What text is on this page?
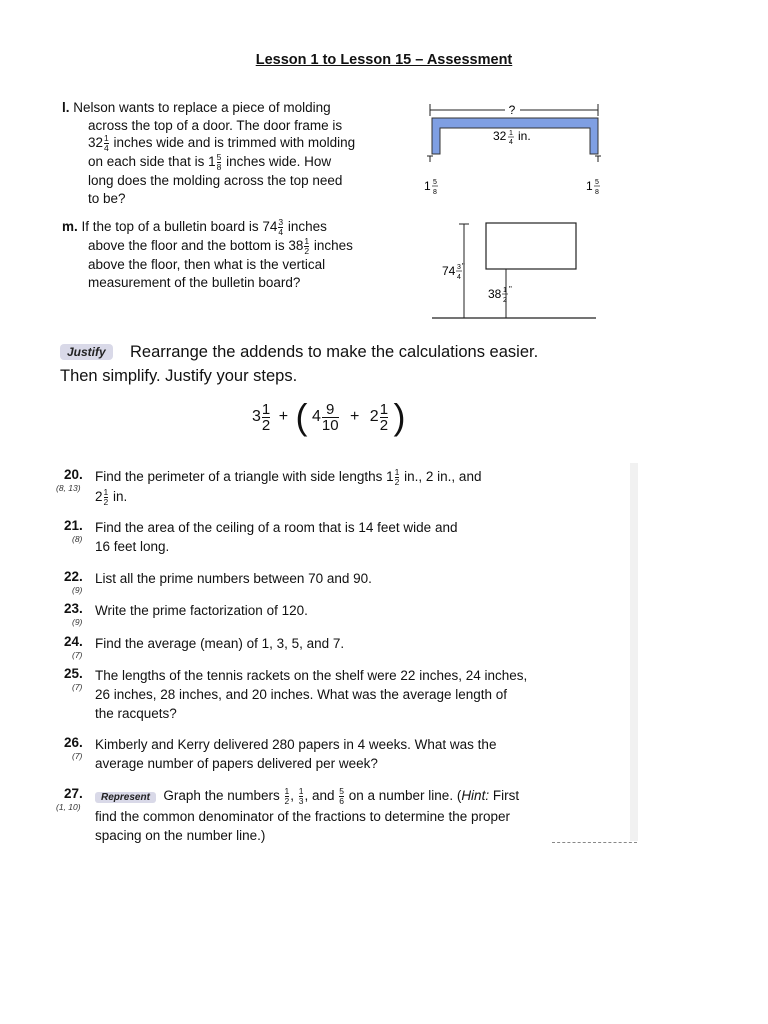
Lesson 1 to Lesson 15 – Assessment
l. Nelson wants to replace a piece of molding
across the top of a door. The door frame is
$32 \frac{1}{4}$ inches wide and is trimmed with molding
on each side that is $1 \frac{5}{8}$ inches wide. How
long does the molding across the top need
to be?
?
32 1
4 in.
1 5
8	1 5
8
m. If the top of a bulletin board is $74 \frac{3}{4}$ inches
above the floor and the bottom is $38 \frac{1}{2}$ inches
above the floor, then what is the vertical
measurement of the bulletin board?
74 3
4
"
38 1
2
"
Justify	Rearrange the addends to make the calculations easier.
Then simplify. Justify your steps.
$3 \frac{1}{2}$ + ( $4 \frac{9}{10} + 2 \frac{1}{2}$ )
20.
(8, 13)
Find the perimeter of a triangle with side lengths $1 \frac{1}{2}$ in., 2 in., and
$2 \frac{1}{2}$ in.
21.
(8)
Find the area of the ceiling of a room that is 14 feet wide and
16 feet long.
22.
(9)
List all the prime numbers between 70 and 90.
23.
(9)
Write the prime factorization of 120.
24.
(7)
Find the average (mean) of 1, 3, 5, and 7.
25.
(7)
The lengths of the tennis rackets on the shelf were 22 inches, 24 inches,
26 inches, 28 inches, and 20 inches. What was the average length of
the racquets?
26.
(7)
Kimberly and Kerry delivered 280 papers in 4 weeks. What was the
average number of papers delivered per week?
27.
(1, 10)
Represent Graph the numbers $\frac{1}{2}$ , $\frac{1}{3}$ , and $\frac{5}{6}$ on a number line. (Hint: First
find the common denominator of the fractions to determine the proper
spacing on the number line.)
